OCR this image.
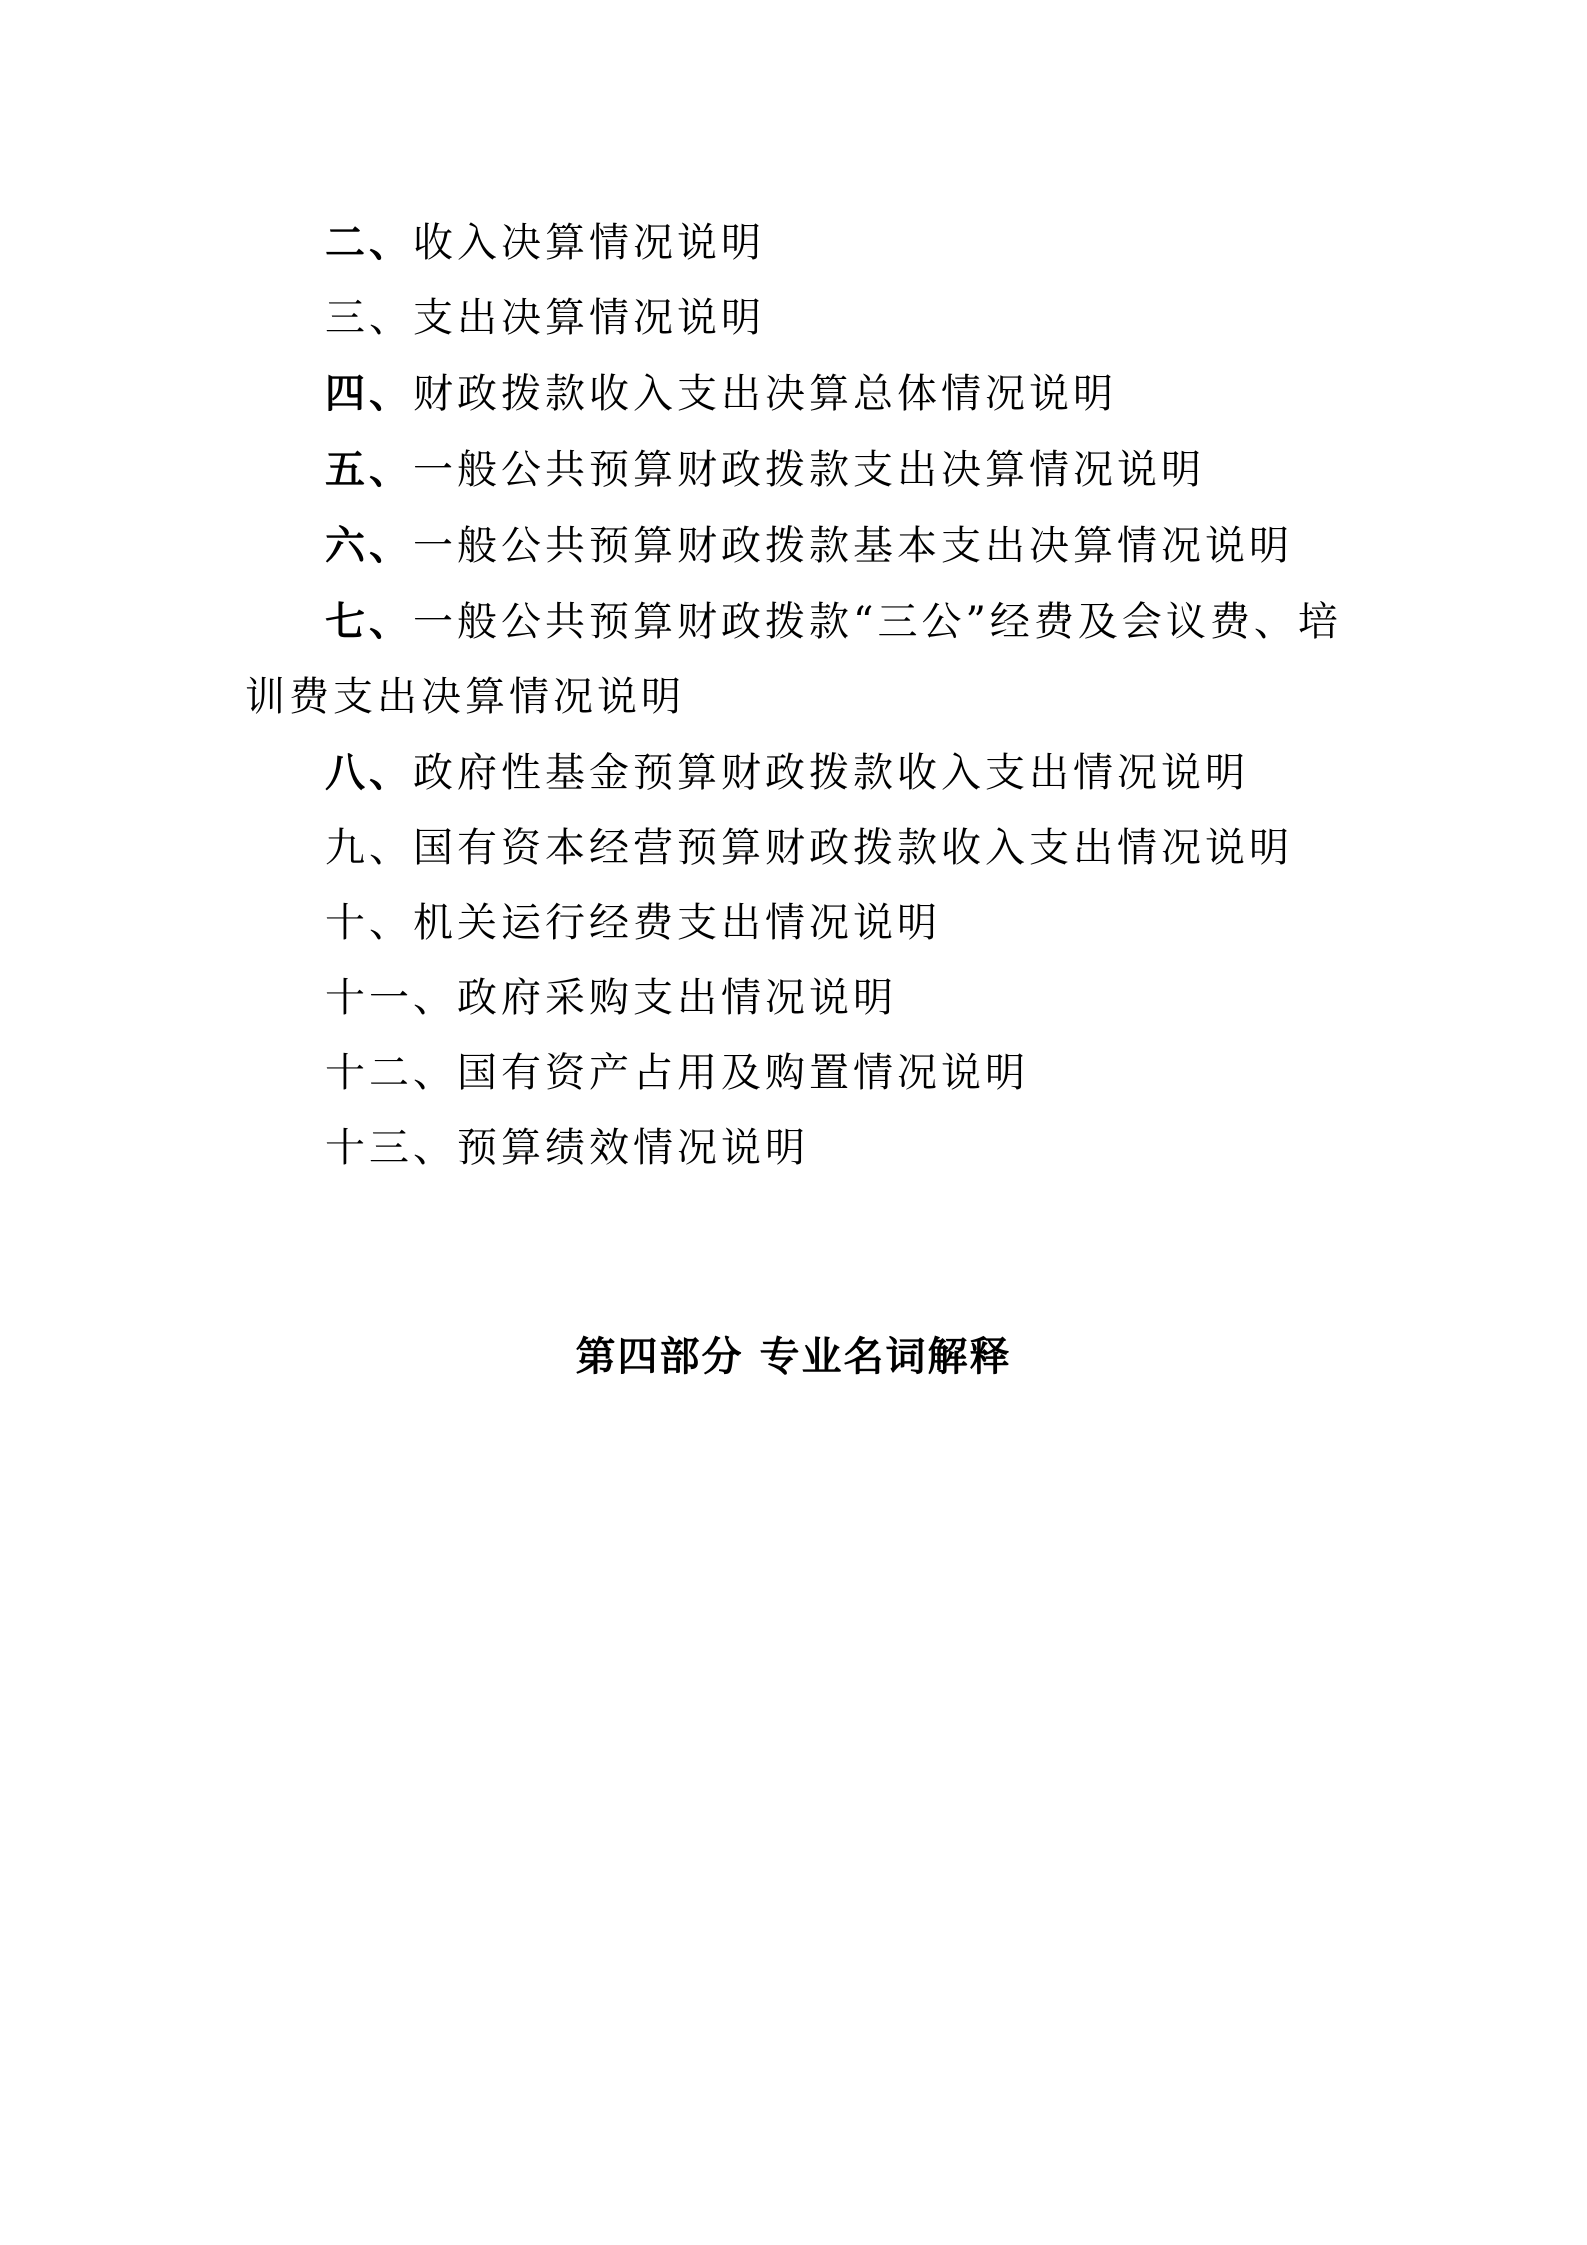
二、收入决算情况说明
三、支出决算情况说明
四、财政拨款收入支出决算总体情况说明
五、一般公共预算财政拨款支出决算情况说明
六、一般公共预算财政拨款基本支出决算情况说明
七、一般公共预算财政拨款“三公”经费及会议费、培训费支出决算情况说明
八、政府性基金预算财政拨款收入支出情况说明
九、国有资本经营预算财政拨款收入支出情况说明
十、机关运行经费支出情况说明
十一、政府采购支出情况说明
十二、国有资产占用及购置情况说明
十三、预算绩效情况说明
第四部分 专业名词解释
